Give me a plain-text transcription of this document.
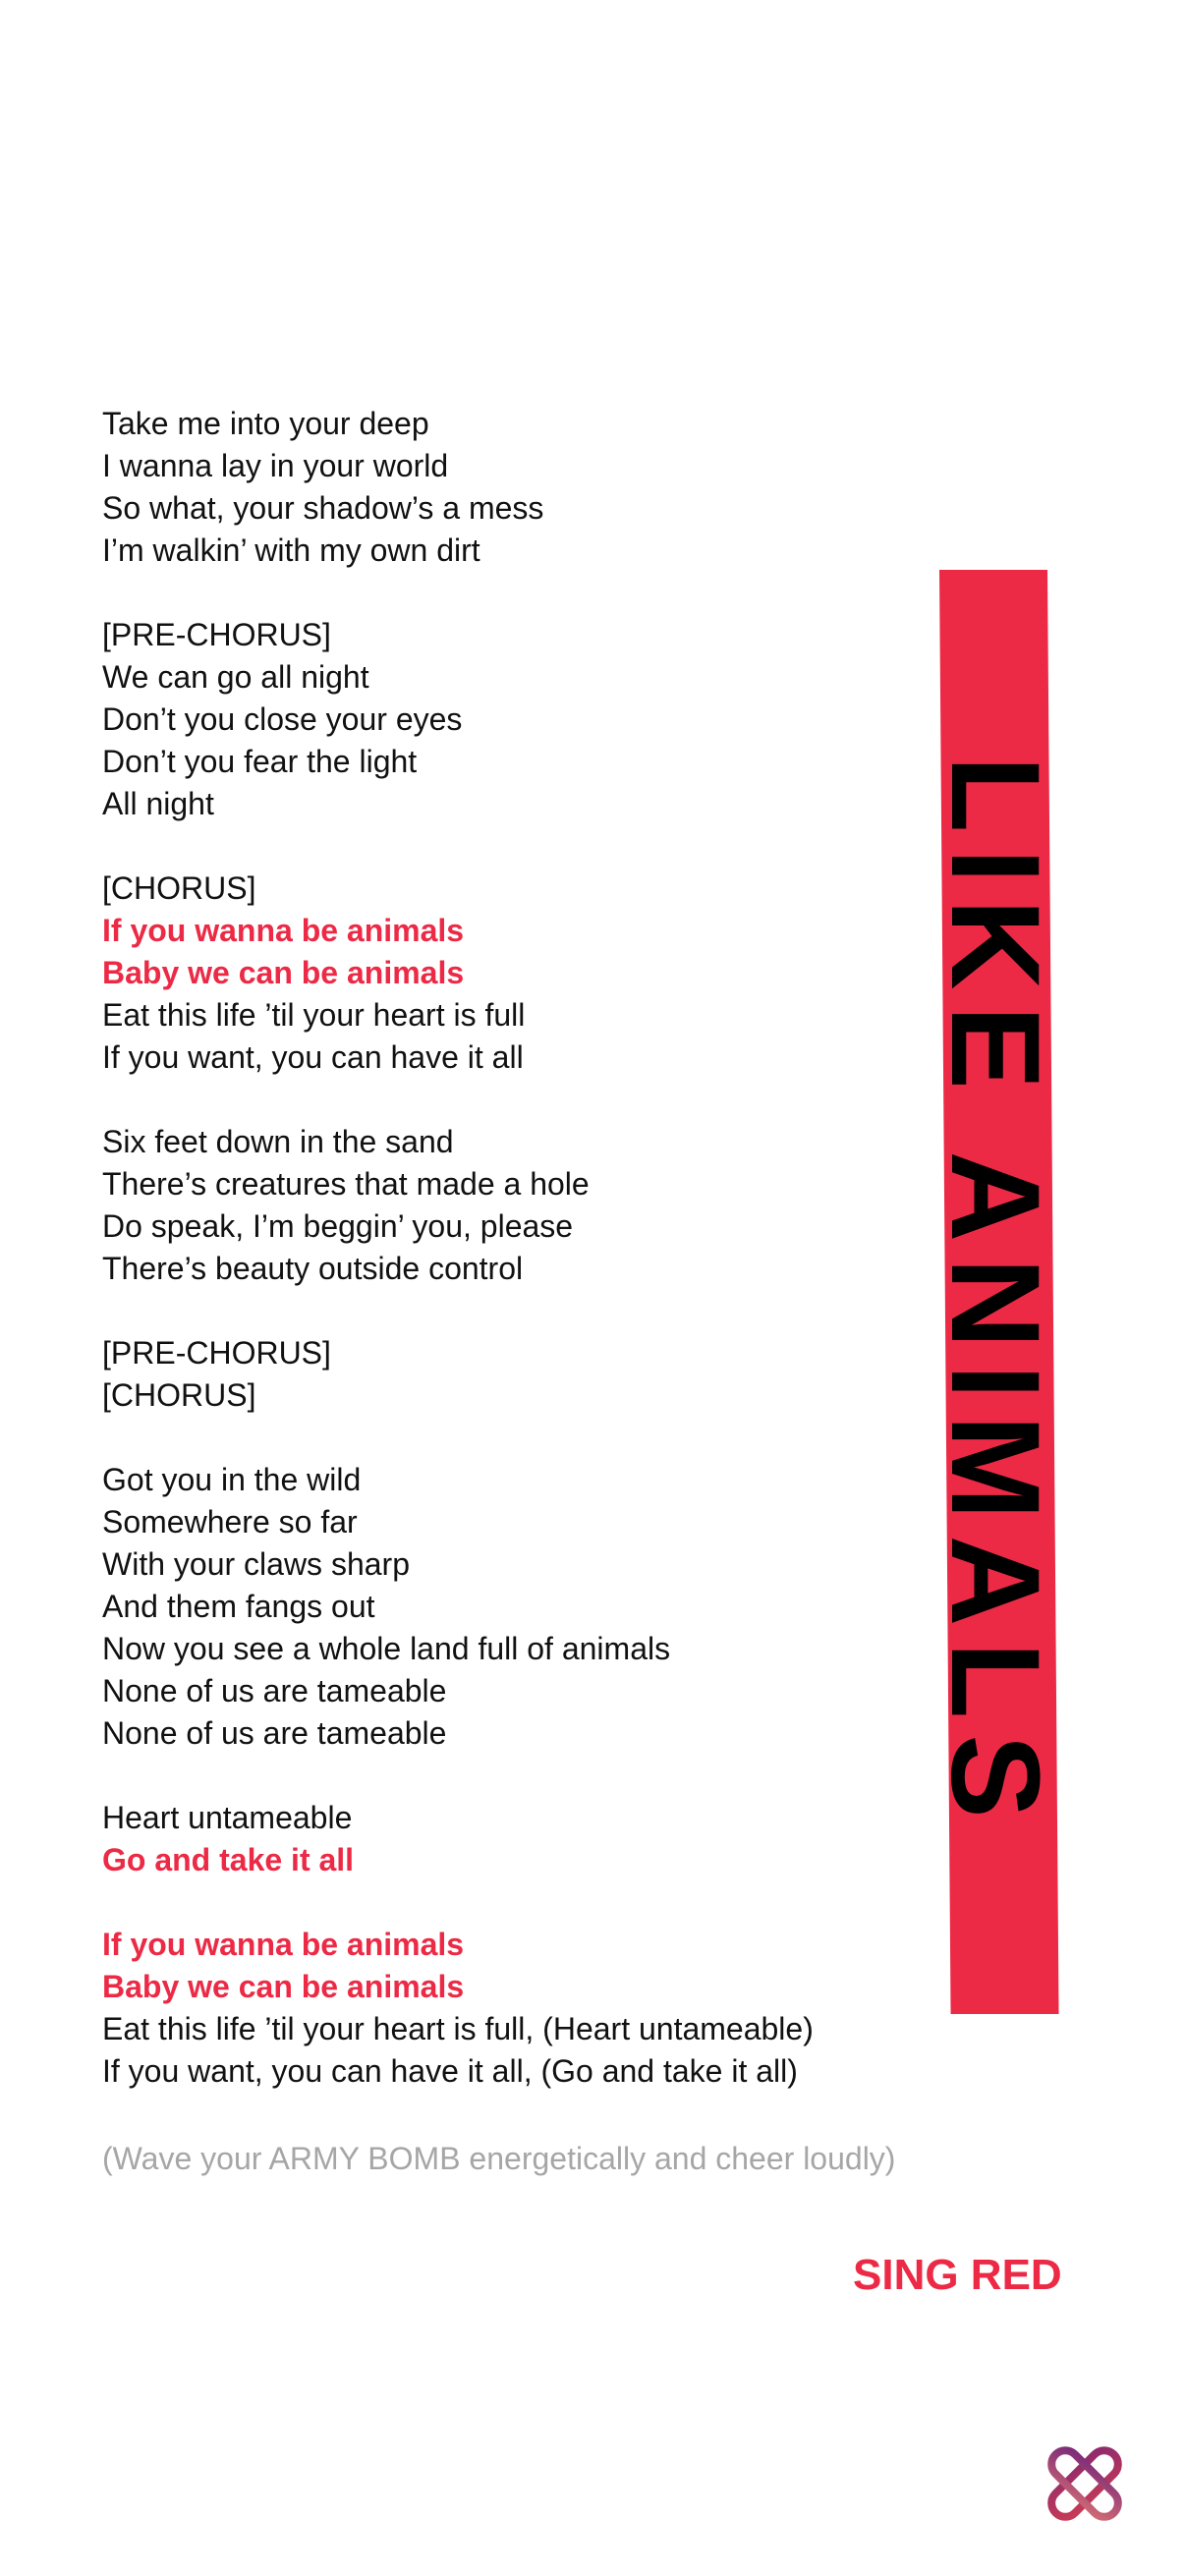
LIKE ANIMALS
Take me into your deep
I wanna lay in your world
So what, your shadow’s a mess
I’m walkin’ with my own dirt
[PRE-CHORUS]
We can go all night
Don’t you close your eyes
Don’t you fear the light
All night
[CHORUS]
If you wanna be animals
Baby we can be animals
Eat this life ’til your heart is full
If you want, you can have it all
Six feet down in the sand
There’s creatures that made a hole
Do speak, I’m beggin’ you, please
There’s beauty outside control
[PRE-CHORUS]
[CHORUS]
Got you in the wild
Somewhere so far
With your claws sharp
And them fangs out
Now you see a whole land full of animals
None of us are tameable
None of us are tameable
Heart untameable
Go and take it all
If you wanna be animals
Baby we can be animals
Eat this life ’til your heart is full, (Heart untameable)
If you want, you can have it all, (Go and take it all)
(Wave your ARMY BOMB energetically and cheer loudly)
SING RED
